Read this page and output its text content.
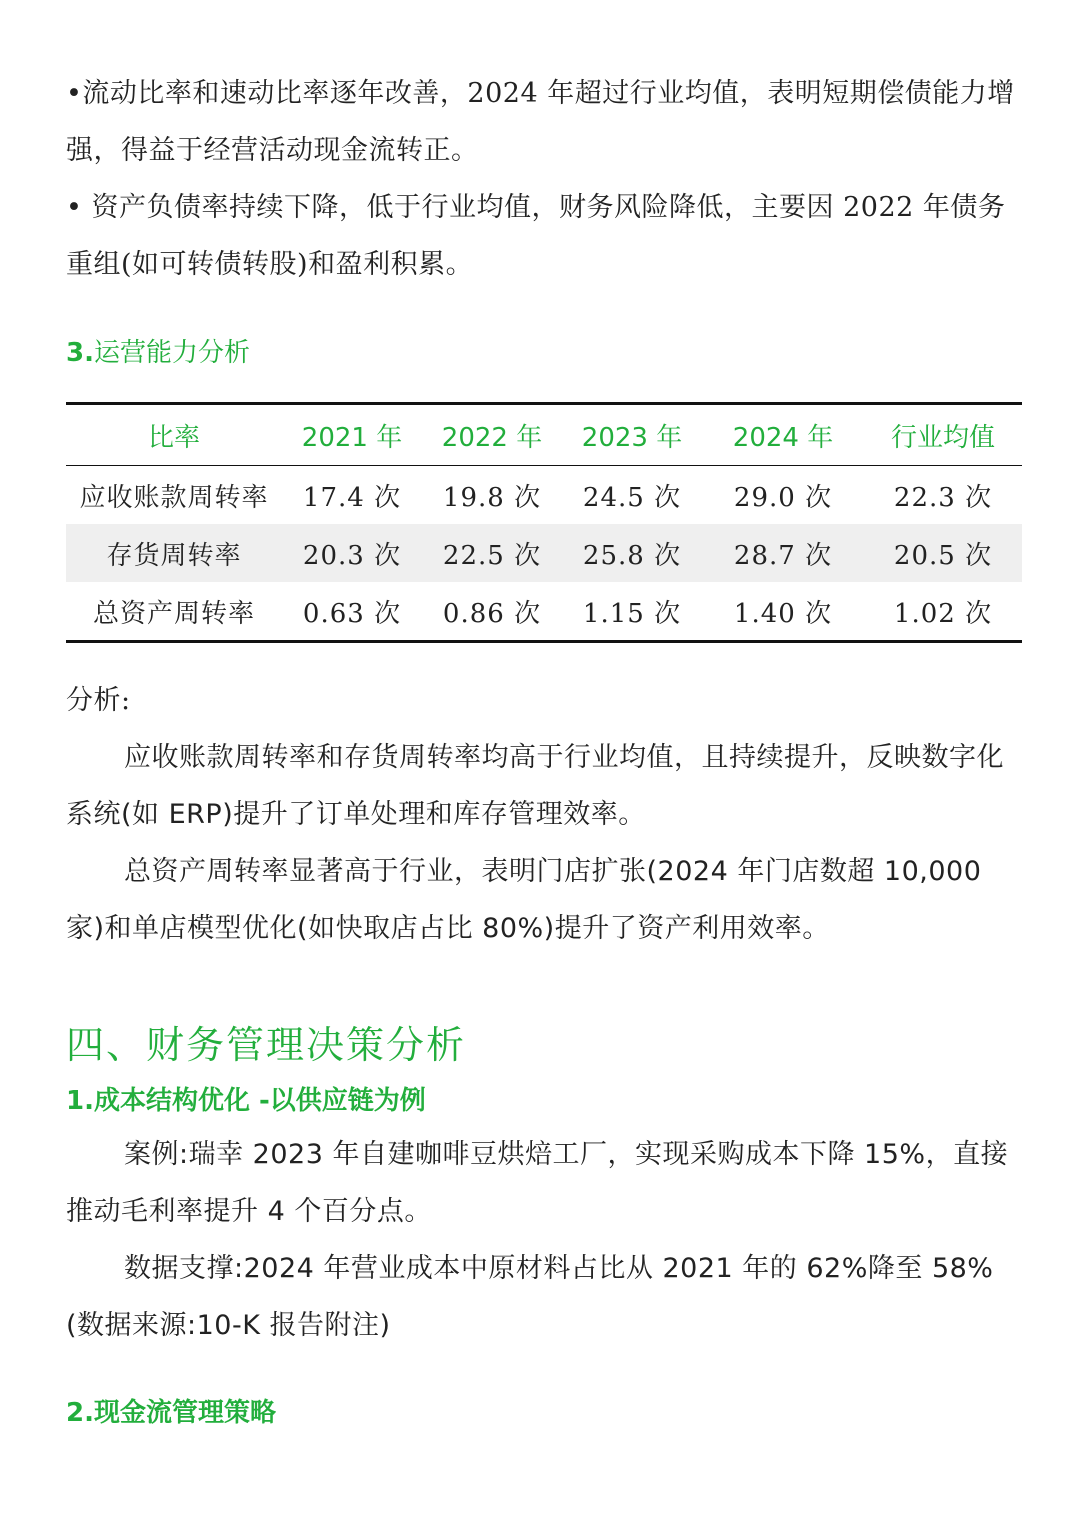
•流动比率和速动比率逐年改善，2024 年超过行业均值，表明短期偿债能力增强，得益于经营活动现金流转正。

• 资产负债率持续下降，低于行业均值，财务风险降低，主要因 2022 年债务重组(如可转债转股)和盈利积累。

3.运营能力分析
比率	2021 年	2022 年	2023 年	2024 年	行业均值
应收账款周转率	17.4 次	19.8 次	24.5 次	29.0 次	22.3 次
存货周转率	20.3 次	22.5 次	25.8 次	28.7 次	20.5 次
总资产周转率	0.63 次	0.86 次	1.15 次	1.40 次	1.02 次

分析:

应收账款周转率和存货周转率均高于行业均值，且持续提升，反映数字化系统(如 ERP)提升了订单处理和库存管理效率。

总资产周转率显著高于行业，表明门店扩张(2024 年门店数超 10,000 家)和单店模型优化(如快取店占比 80%)提升了资产利用效率。

四、财务管理决策分析
1.成本结构优化 -以供应链为例

案例:瑞幸 2023 年自建咖啡豆烘焙工厂，实现采购成本下降 15%，直接推动毛利率提升 4 个百分点。

数据支撑:2024 年营业成本中原材料占比从 2021 年的 62%降至 58%(数据来源:10-K 报告附注)

2.现金流管理策略
